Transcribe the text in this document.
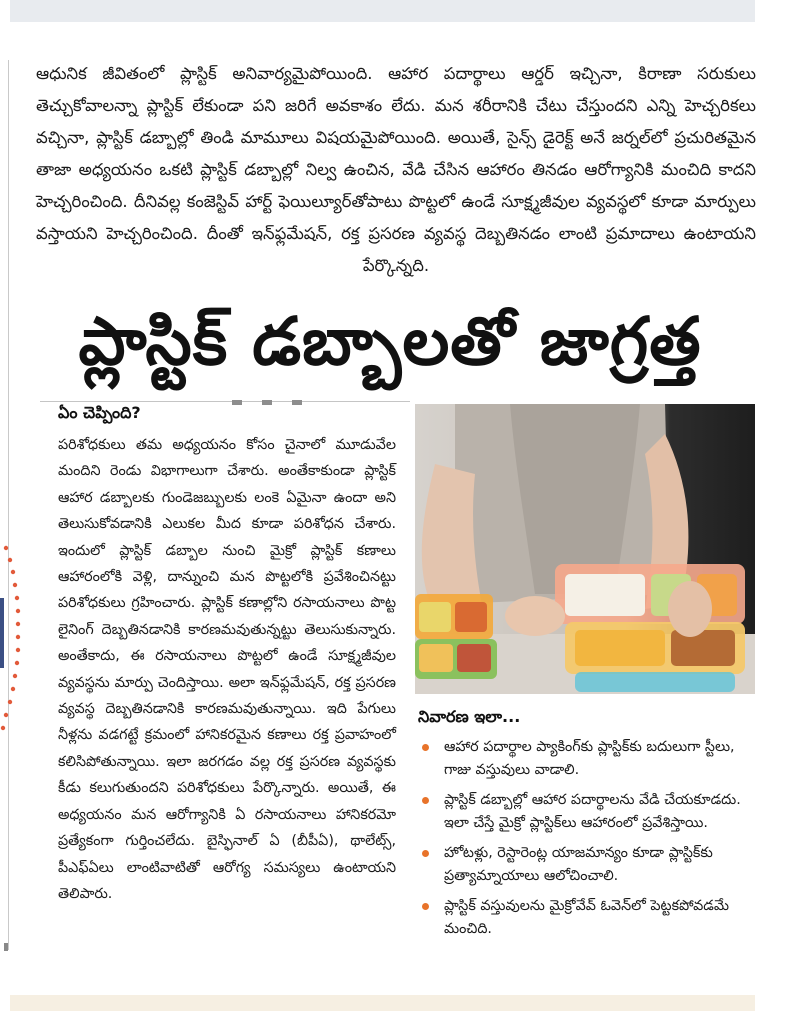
ఆధునిక జీవితంలో ప్లాస్టిక్ అనివార్యమైపోయింది. ఆహార పదార్థాలు ఆర్డర్ ఇచ్చినా, కిరాణా సరుకులు తెచ్చుకోవాలన్నా ప్లాస్టిక్ లేకుండా పని జరిగే అవకాశం లేదు. మన శరీరానికి చేటు చేస్తుందని ఎన్ని హెచ్చరికలు వచ్చినా, ప్లాస్టిక్ డబ్బాల్లో తిండి మామూలు విషయమైపోయింది. అయితే, సైన్స్ డైరెక్ట్ అనే జర్నల్‌లో ప్రచురితమైన తాజా అధ్యయనం ఒకటి ప్లాస్టిక్ డబ్బాల్లో నిల్వ ఉంచిన, వేడి చేసిన ఆహారం తినడం ఆరోగ్యానికి మంచిది కాదని హెచ్చరించింది. దీనివల్ల కంజెస్టివ్ హార్ట్ ఫెయిల్యూర్‌తోపాటు పొట్టలో ఉండే సూక్ష్మజీవుల వ్యవస్థలో కూడా మార్పులు వస్తాయని హెచ్చరించింది. దీంతో ఇన్‌ఫ్లమేషన్, రక్త ప్రసరణ వ్యవస్థ దెబ్బతినడం లాంటి ప్రమాదాలు ఉంటాయని పేర్కొన్నది.
ప్లాస్టిక్ డబ్బాలతో జాగ్రత్త
ఏం చెప్పింది?
పరిశోధకులు తమ అధ్యయనం కోసం చైనాలో మూడువేల మందిని రెండు విభాగాలుగా చేశారు. అంతేకాకుండా ప్లాస్టిక్ ఆహార డబ్బాలకు గుండెజబ్బులకు లంకె ఏమైనా ఉందా అని తెలుసుకోవడానికి ఎలుకల మీద కూడా పరిశోధన చేశారు. ఇందులో ప్లాస్టిక్ డబ్బాల నుంచి మైక్రో ప్లాస్టిక్ కణాలు ఆహారంలోకి వెళ్లి, దాన్నుంచి మన పొట్టలోకి ప్రవేశించినట్టు పరిశోధకులు గ్రహించారు. ప్లాస్టిక్ కణాల్లోని రసాయనాలు పొట్ట లైనింగ్ దెబ్బతినడానికి కారణమవుతున్నట్టు తెలుసుకున్నారు. అంతేకాదు, ఈ రసాయనాలు పొట్టలో ఉండే సూక్ష్మజీవుల వ్యవస్థను మార్పు చెందిస్తాయి. అలా ఇన్‌ఫ్లమేషన్, రక్త ప్రసరణ వ్యవస్థ దెబ్బతినడానికి కారణమవుతున్నాయి. ఇది పేగులు నీళ్లను వడగట్టే క్రమంలో హానికరమైన కణాలు రక్త ప్రవాహంలో కలిసిపోతున్నాయి. ఇలా జరగడం వల్ల రక్త ప్రసరణ వ్యవస్థకు కీడు కలుగుతుందని పరిశోధకులు పేర్కొన్నారు. అయితే, ఈ అధ్యయనం మన ఆరోగ్యానికి ఏ రసాయనాలు హానికరమో ప్రత్యేకంగా గుర్తించలేదు. బైస్ఫినాల్ ఏ (బీపీఏ), థాలేట్స్, పీఎఫ్ఏలు లాంటివాటితో ఆరోగ్య సమస్యలు ఉంటాయని తెలిపారు.
నివారణ ఇలా...
ఆహార పదార్థాల ప్యాకింగ్‌కు ప్లాస్టిక్‌కు బదులుగా స్టీలు, గాజు వస్తువులు వాడాలి.
ప్లాస్టిక్ డబ్బాల్లో ఆహార పదార్థాలను వేడి చేయకూడదు. ఇలా చేస్తే మైక్రో ప్లాస్టిక్‌లు ఆహారంలో ప్రవేశిస్తాయి.
హోటళ్లు, రెస్టారెంట్ల యాజమాన్యం కూడా ప్లాస్టిక్‌కు ప్రత్యామ్నాయాలు ఆలోచించాలి.
ప్లాస్టిక్ వస్తువులను మైక్రోవేవ్ ఓవెన్‌లో పెట్టకపోవడమే మంచిది.
